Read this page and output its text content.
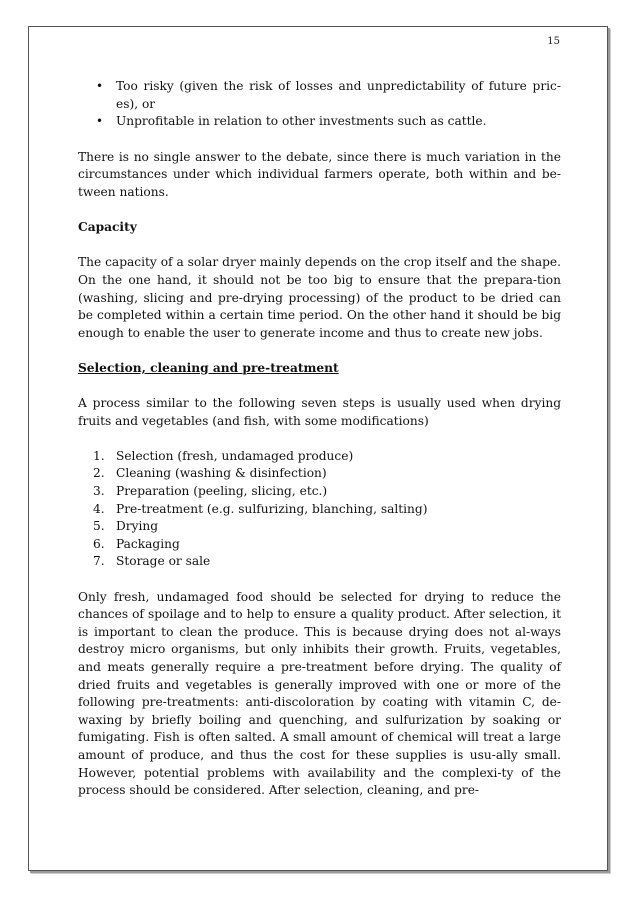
15
• Too risky (given the risk of losses and unpredictability of future pric-es), or
• Unprofitable in relation to other investments such as cattle.

There is no single answer to the debate, since there is much variation in the circumstances under which individual farmers operate, both within and be-tween nations.

Capacity

The capacity of a solar dryer mainly depends on the crop itself and the shape. On the one hand, it should not be too big to ensure that the prepara-tion (washing, slicing and pre-drying processing) of the product to be dried can be completed within a certain time period. On the other hand it should be big enough to enable the user to generate income and thus to create new jobs.

Selection, cleaning and pre-treatment

A process similar to the following seven steps is usually used when drying fruits and vegetables (and fish, with some modifications)

1. Selection (fresh, undamaged produce)
2. Cleaning (washing & disinfection)
3. Preparation (peeling, slicing, etc.)
4. Pre-treatment (e.g. sulfurizing, blanching, salting)
5. Drying
6. Packaging
7. Storage or sale

Only fresh, undamaged food should be selected for drying to reduce the chances of spoilage and to help to ensure a quality product. After selection, it is important to clean the produce. This is because drying does not al-ways destroy micro organisms, but only inhibits their growth. Fruits, vegetables, and meats generally require a pre-treatment before drying. The quality of dried fruits and vegetables is generally improved with one or more of the following pre-treatments: anti-discoloration by coating with vitamin C, de-waxing by briefly boiling and quenching, and sulfurization by soaking or fumigating. Fish is often salted. A small amount of chemical will treat a large amount of produce, and thus the cost for these supplies is usu-ally small. However, potential problems with availability and the complexi-ty of the process should be considered. After selection, cleaning, and pre-
